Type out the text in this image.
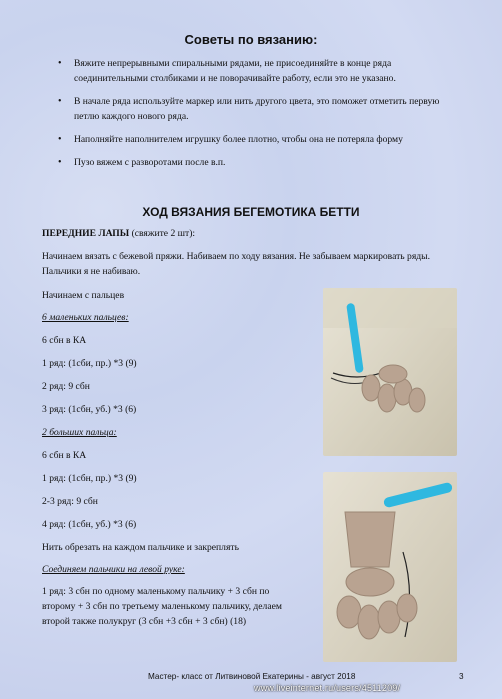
Советы по вязанию:
• Вяжите непрерывными спиральными рядами, не присоединяйте в конце ряда соединительными столбиками и не поворачивайте работу, если это не указано.
• В начале ряда используйте маркер или нить другого цвета, это поможет отметить первую петлю каждого нового ряда.
• Наполняйте наполнителем игрушку более плотно, чтобы она не потеряла форму
• Пузо вяжем с разворотами после в.п.
ХОД ВЯЗАНИЯ БЕГЕМОТИКА БЕТТИ
ПЕРЕДНИЕ ЛАПЫ (свяжите 2 шт):
Начинаем вязать с бежевой пряжи. Набиваем по ходу вязания. Не забываем маркировать ряды. Пальчики я не набиваю.
Начинаем с пальцев
6 маленьких пальцев:
6 сбн в КА
1 ряд: (1сби, пр.) *3 (9)
2 ряд: 9 сбн
3 ряд: (1сбн, уб.) *3 (6)
2 больших пальца:
6 сбн в КА
1 ряд: (1сбн, пр.) *3 (9)
2-3 ряд: 9 сбн
4 ряд: (1сбн, уб.) *3 (6)
Нить обрезать на каждом пальчике и закреплять
Соединяем пальчики на левой руке:
1 ряд: 3 сбн по одному маленькому пальчику + 3 сбн по второму + 3 сбн по третьему маленькому пальчику, делаем второй также полукруг (3 сбн +3 сбн + 3 сбн) (18)
Мастер- класс от Литвиновой Екатерины - август 2018	3
www.liveinternet.ru/users/4511209/
